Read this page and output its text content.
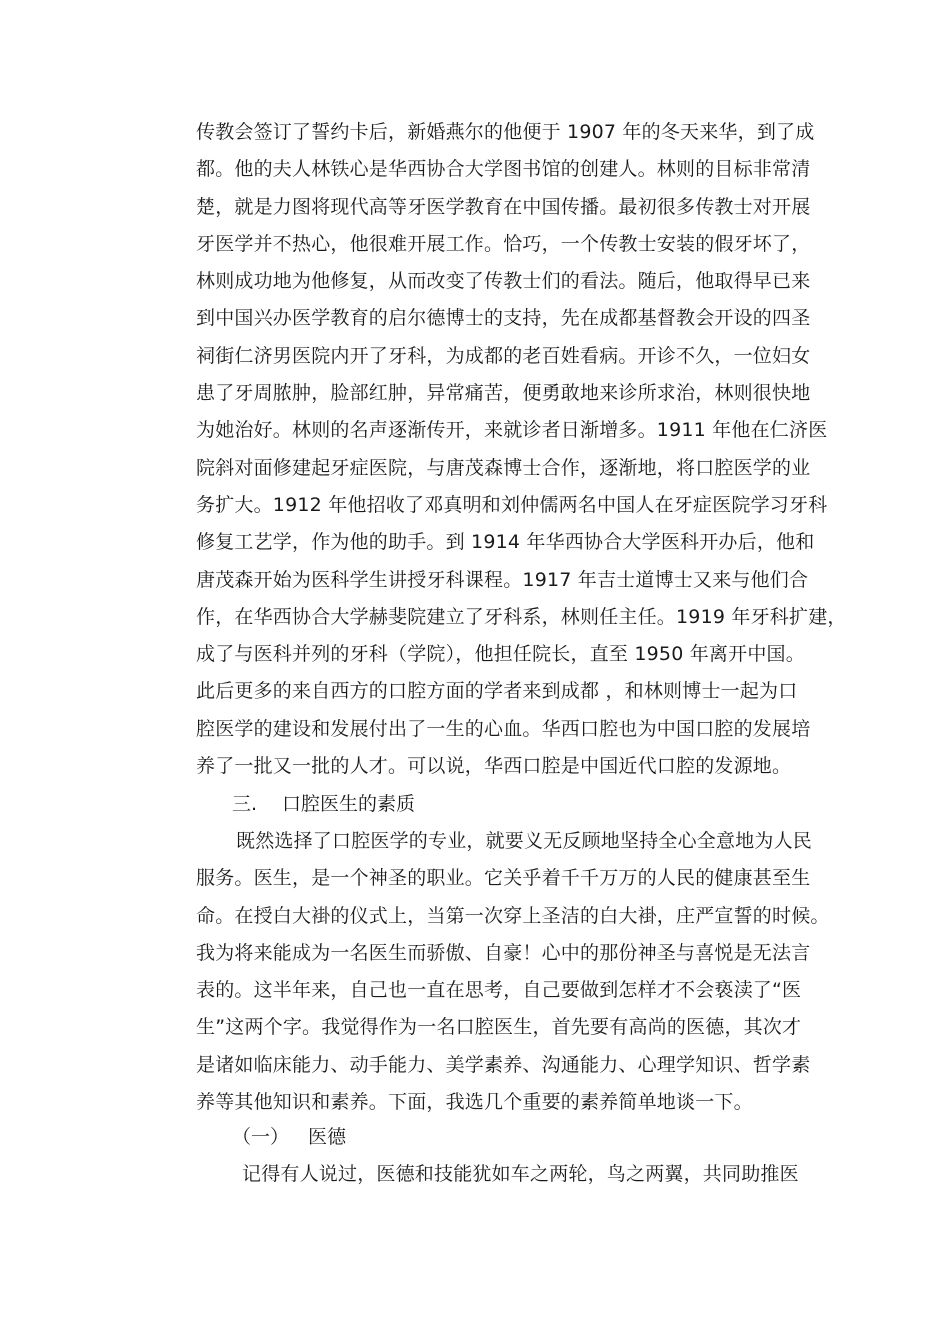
传教会签订了誓约卡后，新婚燕尔的他便于 1907 年的冬天来华，到了成
都。他的夫人林铁心是华西协合大学图书馆的创建人。林则的目标非常清
楚，就是力图将现代高等牙医学教育在中国传播。最初很多传教士对开展
牙医学并不热心，他很难开展工作。恰巧，一个传教士安装的假牙坏了，
林则成功地为他修复，从而改变了传教士们的看法。随后，他取得早已来
到中国兴办医学教育的启尔德博士的支持，先在成都基督教会开设的四圣
祠街仁济男医院内开了牙科，为成都的老百姓看病。开诊不久，一位妇女
患了牙周脓肿，脸部红肿，异常痛苦，便勇敢地来诊所求治，林则很快地
为她治好。林则的名声逐渐传开，来就诊者日渐增多。1911 年他在仁济医
院斜对面修建起牙症医院，与唐茂森博士合作，逐渐地，将口腔医学的业
务扩大。1912 年他招收了邓真明和刘仲儒两名中国人在牙症医院学习牙科
修复工艺学，作为他的助手。到 1914 年华西协合大学医科开办后，他和
唐茂森开始为医科学生讲授牙科课程。1917 年吉士道博士又来与他们合
作，在华西协合大学赫斐院建立了牙科系，林则任主任。1919 年牙科扩建，
成了与医科并列的牙科（学院），他担任院长，直至 1950 年离开中国。
此后更多的来自西方的口腔方面的学者来到成都 ，和林则博士一起为口
腔医学的建设和发展付出了一生的心血。华西口腔也为中国口腔的发展培
养了一批又一批的人才。可以说，华西口腔是中国近代口腔的发源地。
三. 口腔医生的素质
既然选择了口腔医学的专业，就要义无反顾地坚持全心全意地为人民
服务。医生，是一个神圣的职业。它关乎着千千万万的人民的健康甚至生
命。在授白大褂的仪式上，当第一次穿上圣洁的白大褂，庄严宣誓的时候。
我为将来能成为一名医生而骄傲、自豪！心中的那份神圣与喜悦是无法言
表的。这半年来，自己也一直在思考，自己要做到怎样才不会亵渎了“医
生”这两个字。我觉得作为一名口腔医生，首先要有高尚的医德，其次才
是诸如临床能力、动手能力、美学素养、沟通能力、心理学知识、哲学素
养等其他知识和素养。下面，我选几个重要的素养简单地谈一下。
（一） 医德
记得有人说过，医德和技能犹如车之两轮，鸟之两翼，共同助推医
